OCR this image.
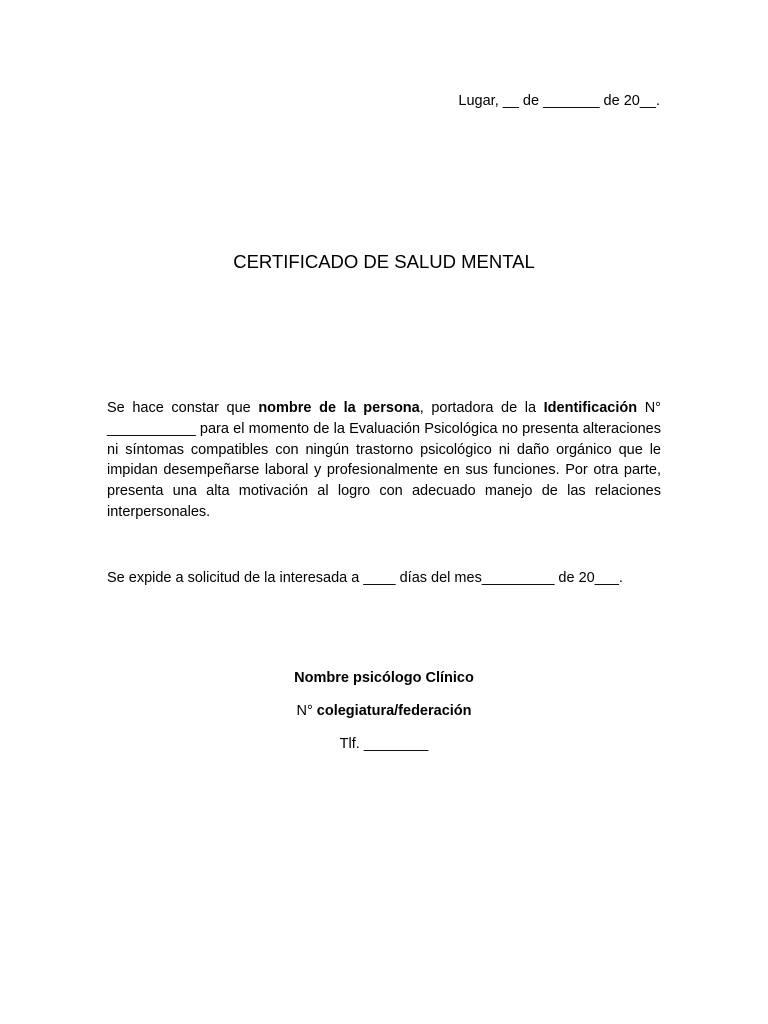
Lugar, __ de _______ de 20__.
CERTIFICADO DE SALUD MENTAL
Se hace constar que nombre de la persona, portadora de la Identificación N° ___________ para el momento de la Evaluación Psicológica no presenta alteraciones ni síntomas compatibles con ningún trastorno psicológico ni daño orgánico que le impidan desempeñarse laboral y profesionalmente en sus funciones. Por otra parte, presenta una alta motivación al logro con adecuado manejo de las relaciones interpersonales.
Se expide a solicitud de la interesada a ____ días del mes_________ de 20___.
Nombre psicólogo Clínico
N° colegiatura/federación
Tlf. ________
